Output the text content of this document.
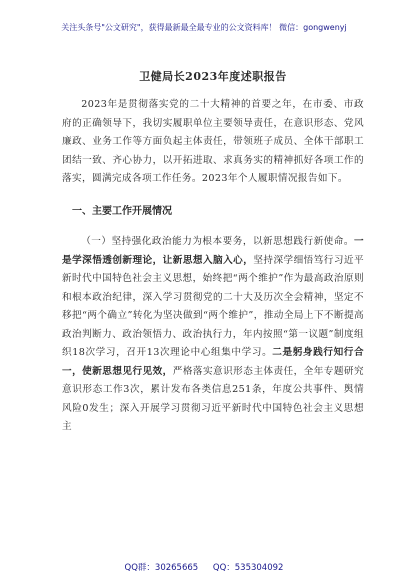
关注头条号"公文研究"，获得最新最全最专业的公文资料库！ 微信：gongwenyj
卫健局长2023年度述职报告

2023年是贯彻落实党的二十大精神的首要之年，在市委、市政府的正确领导下，我切实履职单位主要领导责任，在意识形态、党风廉政、业务工作等方面负起主体责任，带领班子成员、全体干部职工团结一致、齐心协力，以开拓进取、求真务实的精神抓好各项工作的落实，圆满完成各项工作任务。2023年个人履职情况报告如下。

一、主要工作开展情况

（一）坚持强化政治能力为根本要务，以新思想践行新使命。一是学深悟透创新理论，让新思想入脑入心，坚持深学细悟笃行习近平新时代中国特色社会主义思想，始终把“两个维护”作为最高政治原则和根本政治纪律，深入学习贯彻党的二十大及历次全会精神，坚定不移把“两个确立”转化为坚决做到“两个维护”，推动全局上下不断提高政治判断力、政治领悟力、政治执行力，年内按照“第一议题”制度组织18次学习，召开13次理论中心组集中学习。二是躬身践行知行合一，使新思想见行见效，严格落实意识形态主体责任，全年专题研究意识形态工作3次，累计发布各类信息251条，年度公共事件、舆情风险0发生；深入开展学习贯彻习近平新时代中国特色社会主义思想主

QQ群：30265665 QQ：535304092
